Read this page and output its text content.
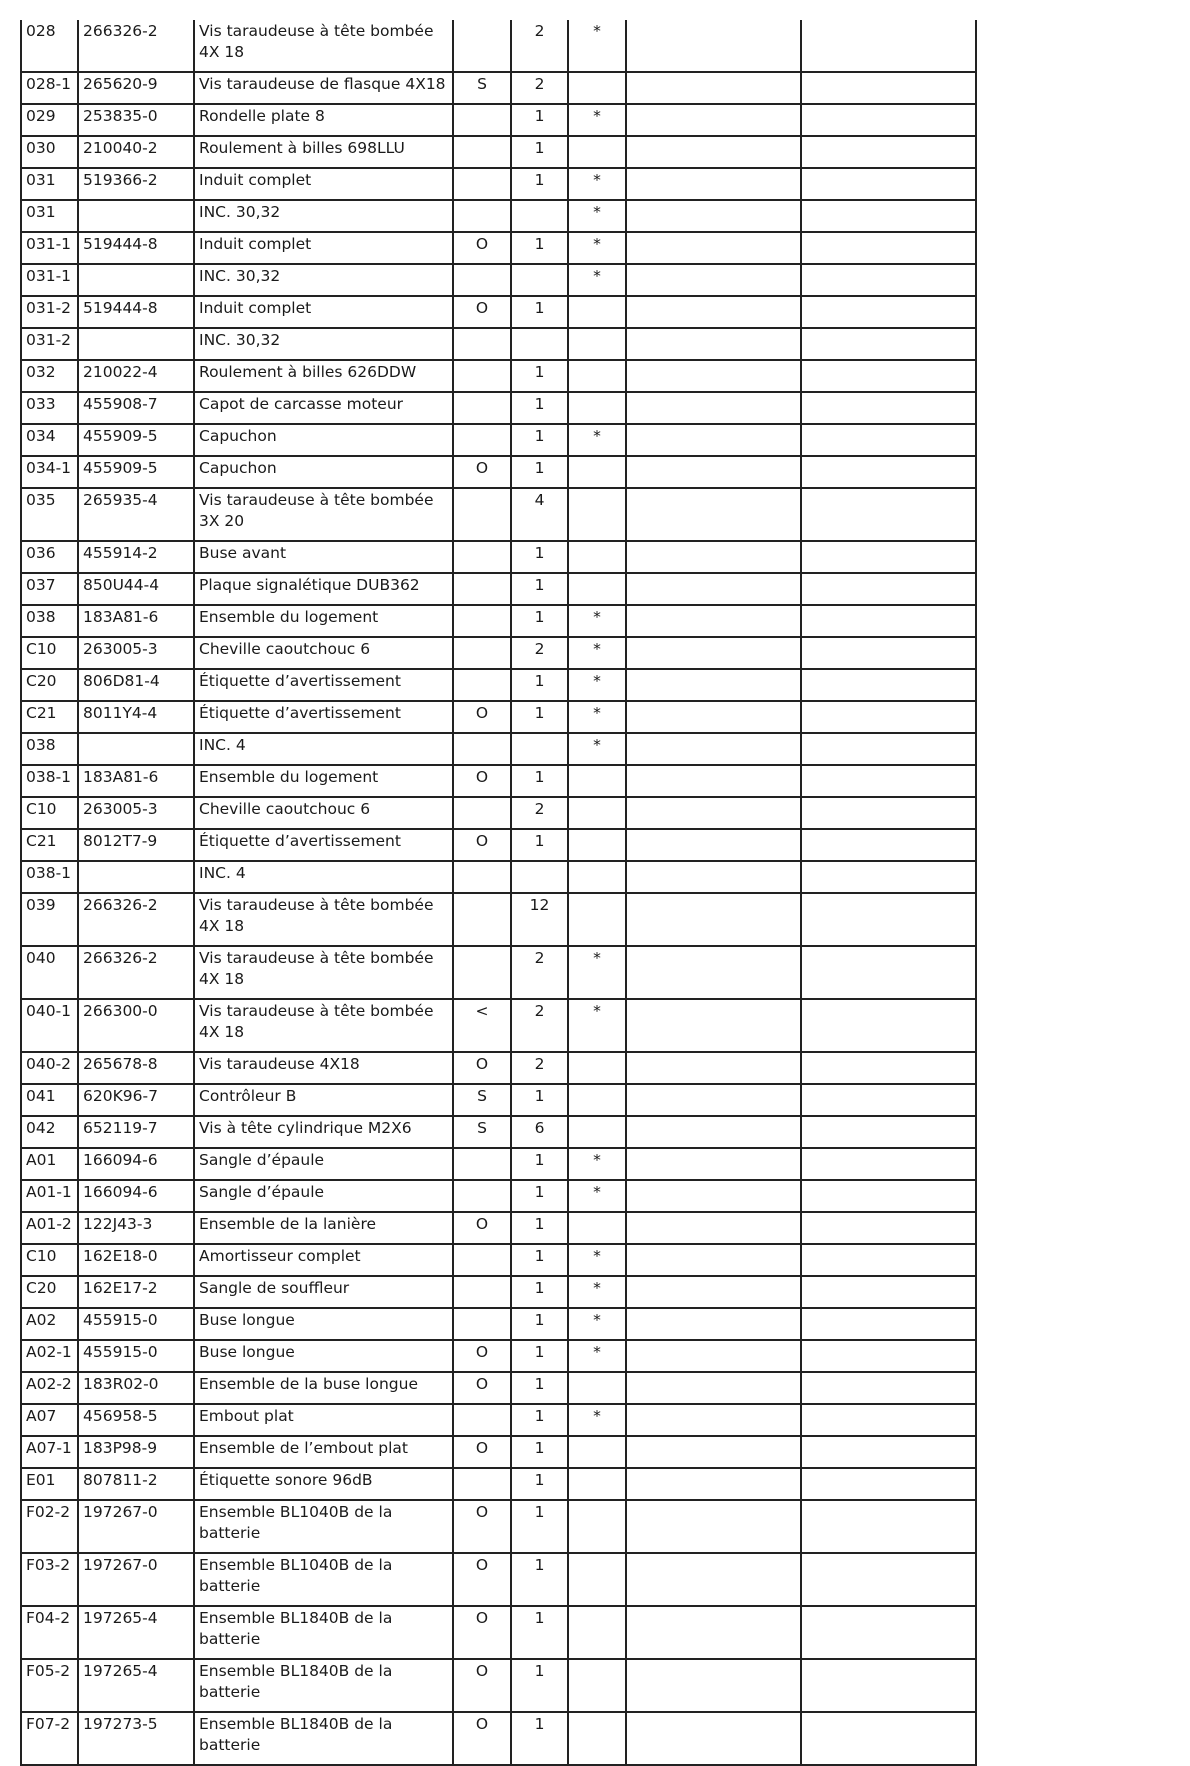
028	266326-2	Vis taraudeuse à tête bombée 4X 18		2	*		
028-1	265620-9	Vis taraudeuse de flasque 4X18	S	2			
029	253835-0	Rondelle plate 8		1	*		
030	210040-2	Roulement à billes 698LLU		1			
031	519366-2	Induit complet		1	*		
031		INC. 30,32			*		
031-1	519444-8	Induit complet	O	1	*		
031-1		INC. 30,32			*		
031-2	519444-8	Induit complet	O	1			
031-2		INC. 30,32					
032	210022-4	Roulement à billes 626DDW		1			
033	455908-7	Capot de carcasse moteur		1			
034	455909-5	Capuchon		1	*		
034-1	455909-5	Capuchon	O	1			
035	265935-4	Vis taraudeuse à tête bombée 3X 20		4			
036	455914-2	Buse avant		1			
037	850U44-4	Plaque signalétique DUB362		1			
038	183A81-6	Ensemble du logement		1	*		
C10	263005-3	Cheville caoutchouc 6		2	*		
C20	806D81-4	Étiquette d’avertissement		1	*		
C21	8011Y4-4	Étiquette d’avertissement	O	1	*		
038		INC. 4			*		
038-1	183A81-6	Ensemble du logement	O	1			
C10	263005-3	Cheville caoutchouc 6		2			
C21	8012T7-9	Étiquette d’avertissement	O	1			
038-1		INC. 4					
039	266326-2	Vis taraudeuse à tête bombée 4X 18		12			
040	266326-2	Vis taraudeuse à tête bombée 4X 18		2	*		
040-1	266300-0	Vis taraudeuse à tête bombée 4X 18	<	2	*		
040-2	265678-8	Vis taraudeuse 4X18	O	2			
041	620K96-7	Contrôleur B	S	1			
042	652119-7	Vis à tête cylindrique M2X6	S	6			
A01	166094-6	Sangle d’épaule		1	*		
A01-1	166094-6	Sangle d’épaule		1	*		
A01-2	122J43-3	Ensemble de la lanière	O	1			
C10	162E18-0	Amortisseur complet		1	*		
C20	162E17-2	Sangle de souffleur		1	*		
A02	455915-0	Buse longue		1	*		
A02-1	455915-0	Buse longue	O	1	*		
A02-2	183R02-0	Ensemble de la buse longue	O	1			
A07	456958-5	Embout plat		1	*		
A07-1	183P98-9	Ensemble de l’embout plat	O	1			
E01	807811-2	Étiquette sonore 96dB		1			
F02-2	197267-0	Ensemble BL1040B de la batterie	O	1			
F03-2	197267-0	Ensemble BL1040B de la batterie	O	1			
F04-2	197265-4	Ensemble BL1840B de la batterie	O	1			
F05-2	197265-4	Ensemble BL1840B de la batterie	O	1			
F07-2	197273-5	Ensemble BL1840B de la batterie	O	1			
